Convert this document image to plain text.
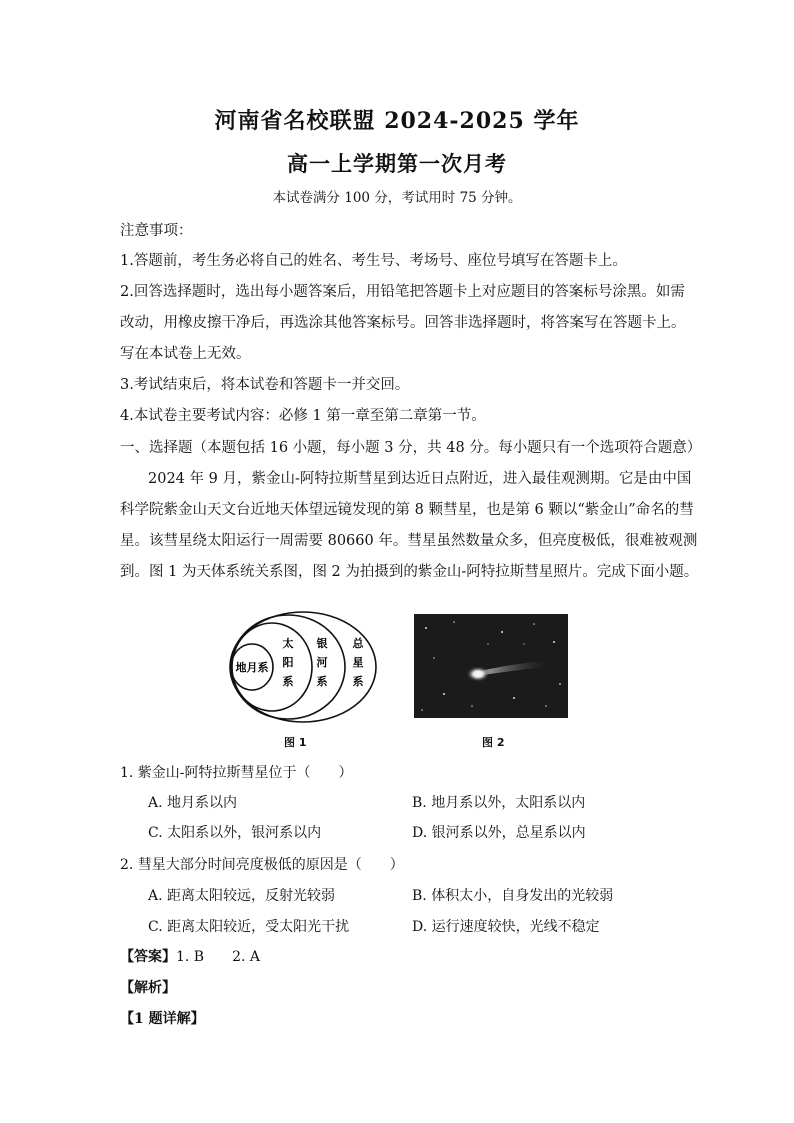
河南省名校联盟 2024-2025 学年
高一上学期第一次月考
本试卷满分 100 分，考试用时 75 分钟。
注意事项：
1.答题前，考生务必将自己的姓名、考生号、考场号、座位号填写在答题卡上。
2.回答选择题时，选出每小题答案后，用铅笔把答题卡上对应题目的答案标号涂黑。如需
改动，用橡皮擦干净后，再选涂其他答案标号。回答非选择题时，将答案写在答题卡上。
写在本试卷上无效。
3.考试结束后，将本试卷和答题卡一并交回。
4.本试卷主要考试内容：必修 1 第一章至第二章第一节。
一、选择题（本题包括 16 小题，每小题 3 分，共 48 分。每小题只有一个选项符合题意）
2024 年 9 月，紫金山-阿特拉斯彗星到达近日点附近，进入最佳观测期。它是由中国
科学院紫金山天文台近地天体望远镜发现的第 8 颗彗星，也是第 6 颗以“紫金山”命名的彗
星。该彗星绕太阳运行一周需要 80660 年。彗星虽然数量众多，但亮度极低，很难被观测
到。图 1 为天体系统关系图，图 2 为拍摄到的紫金山-阿特拉斯彗星照片。完成下面小题。
地月系
太
阳
系
银
河
系
总
星
系
图 1	图 2
1. 紫金山-阿特拉斯彗星位于（　　）
A. 地月系以内	B. 地月系以外，太阳系以内
C. 太阳系以外，银河系以内	D. 银河系以外，总星系以内
2. 彗星大部分时间亮度极低的原因是（　　）
A. 距离太阳较远，反射光较弱	B. 体积太小，自身发出的光较弱
C. 距离太阳较近，受太阳光干扰	D. 运行速度较快，光线不稳定
【答案】1. B　　2. A
【解析】
【1 题详解】
